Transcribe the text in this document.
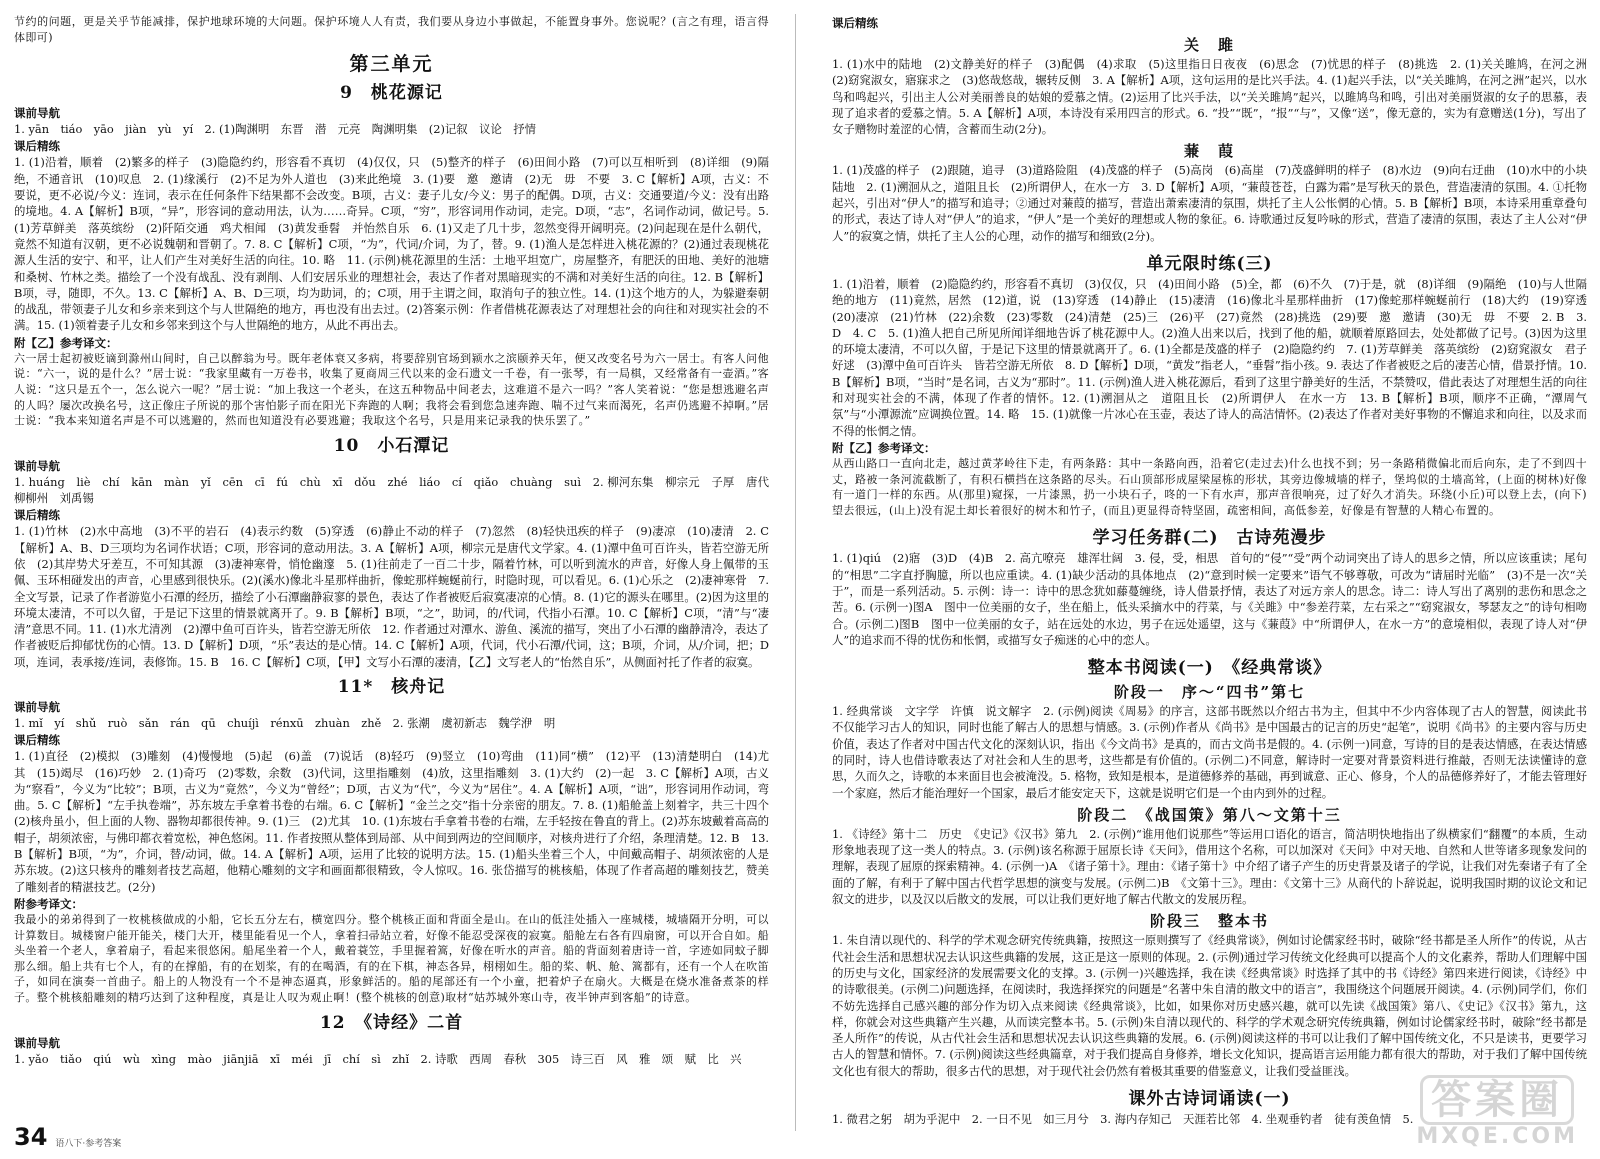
节约的问题，更是关乎节能减排，保护地球环境的大问题。保护环境人人有责，我们要从身边小事做起，不能置身事外。您说呢？(言之有理，语言得体即可)

第三单元
9　桃花源记
课前导航

1. yān　tiáo　yāo　jiàn　yù　yí　2. (1)陶渊明　东晋　潜　元亮　陶渊明集　(2)记叙　议论　抒情

课后精练

1. (1)沿着，顺着　(2)繁多的样子　(3)隐隐约约，形容看不真切　(4)仅仅，只　(5)整齐的样子　(6)田间小路　(7)可以互相听到　(8)详细　(9)隔绝，不通音讯　(10)叹息　2. (1)缘溪行　(2)不足为外人道也　(3)来此绝境　3. (1)要　邀　邀请　(2)无　毋　不要　3. C【解析】A项，古义：不要说，更不必说/今义：连词，表示在任何条件下结果都不会改变。B项，古义：妻子儿女/今义：男子的配偶。D项，古义：交通要道/今义：没有出路的境地。4. A【解析】B项，“异”，形容词的意动用法，认为……奇异。C项，“穷”，形容词用作动词，走完。D项，“志”，名词作动词，做记号。5. (1)芳草鲜美　落英缤纷　(2)阡陌交通　鸡犬相闻　(3)黄发垂髫　并怡然自乐　6. (1)又走了几十步，忽然变得开阔明亮。(2)问起现在是什么朝代，竟然不知道有汉朝，更不必说魏朝和晋朝了。7. 8. C【解析】C项，“为”，代词/介词，为了，替。9. (1)渔人是怎样进入桃花源的？(2)通过表现桃花源人生活的安宁、和平，让人们产生对美好生活的向往。10. 略　11. (示例)桃花源里的生活：土地平坦宽广，房屋整齐，有肥沃的田地、美好的池塘和桑树、竹林之类。描绘了一个没有战乱、没有剥削、人们安居乐业的理想社会，表达了作者对黑暗现实的不满和对美好生活的向往。12. B【解析】B项，寻，随即，不久。13. C【解析】A、B、D三项，均为助词，的；C项，用于主谓之间，取消句子的独立性。14. (1)这个地方的人，为躲避秦朝的战乱，带领妻子儿女和乡亲来到这个与人世隔绝的地方，再也没有出去过。(2)答案示例：作者借桃花源表达了对理想社会的向往和对现实社会的不满。15. (1)领着妻子儿女和乡邻来到这个与人世隔绝的地方，从此不再出去。

附【乙】参考译文：

六一居士起初被贬谪到滁州山间时，自己以醉翁为号。既年老体衰又多病，将要辞别官场到颍水之滨颐养天年，便又改变名号为六一居士。有客人问他说：“六一，说的是什么？”居士说：“我家里藏有一万卷书，收集了夏商周三代以来的金石遗文一千卷，有一张琴，有一局棋，又经常备有一壶酒。”客人说：“这只是五个一，怎么说六一呢？”居士说：“加上我这一个老头，在这五种物品中间老去，这难道不是六一吗？”客人笑着说：“您是想逃避名声的人吗？屡次改换名号，这正像庄子所说的那个害怕影子而在阳光下奔跑的人啊；我将会看到您急速奔跑、喘不过气来而渴死，名声仍逃避不掉啊。”居士说：“我本来知道名声是不可以逃避的，然而也知道没有必要逃避；我取这个名号，只是用来记录我的快乐罢了。”

10　小石潭记
课前导航

1. huáng　liè　chí　kān　màn　yǐ　cēn　cī　fú　chù　xī　dǒu　zhé　liáo　cí　qiǎo　chuàng　suì　2. 柳河东集　柳宗元　子厚　唐代　柳柳州　刘禹锡

课后精练

1. (1)竹林　(2)水中高地　(3)不平的岩石　(4)表示约数　(5)穿透　(6)静止不动的样子　(7)忽然　(8)轻快迅疾的样子　(9)凄凉　(10)凄清　2. C【解析】A、B、D三项均为名词作状语；C项，形容词的意动用法。3. A【解析】A项，柳宗元是唐代文学家。4. (1)潭中鱼可百许头，皆若空游无所依　(2)其岸势犬牙差互，不可知其源　(3)凄神寒骨，悄怆幽邃　5. (1)往前走了一百二十步，隔着竹林，可以听到流水的声音，好像人身上佩带的玉佩、玉环相碰发出的声音，心里感到很快乐。(2)(溪水)像北斗星那样曲折，像蛇那样蜿蜒前行，时隐时现，可以看见。6. (1)心乐之　(2)凄神寒骨　7. 全文写景，记录了作者游览小石潭的经历，描绘了小石潭幽静寂寥的景色，表达了作者被贬后寂寞凄凉的心情。8. (1)它的源头在哪里。(2)因为这里的环境太凄清，不可以久留，于是记下这里的情景就离开了。9. B【解析】B项，“之”，助词，的/代词，代指小石潭。10. C【解析】C项，“清”与“凄清”意思不同。11. (1)水尤清冽　(2)潭中鱼可百许头，皆若空游无所依　12. 作者通过对潭水、游鱼、溪流的描写，突出了小石潭的幽静清冷，表达了作者被贬后抑郁忧伤的心情。13. D【解析】D项，“乐”表达的是心情。14. C【解析】A项，代词，代小石潭/代词，这；B项，介词，从/介词，把；D项，连词，表承接/连词，表修饰。15. B　16. C【解析】C项，【甲】文写小石潭的凄清，【乙】文写老人的“怡然自乐”，从侧面衬托了作者的寂寞。

11*　核舟记
课前导航

1. mǐ　yí　shǔ　ruò　sǎn　rán　qū　chuíjì　rénxū　zhuàn　zhě　2. 张潮　虞初新志　魏学洢　明

课后精练

1. (1)直径　(2)模拟　(3)雕刻　(4)慢慢地　(5)起　(6)盖　(7)说话　(8)轻巧　(9)竖立　(10)弯曲　(11)同“横”　(12)平　(13)清楚明白　(14)尤其　(15)竭尽　(16)巧妙　2. (1)奇巧　(2)零数，余数　(3)代词，这里指雕刻　(4)放，这里指雕刻　3. (1)大约　(2)一起　3. C【解析】A项，古义为“察看”，今义为“比较”；B项，古义为“竟然”，今义为“曾经”；D项，古义为“代”，今义为“居住”。4. A【解析】A项，“诎”，形容词用作动词，弯曲。5. C【解析】“左手执卷端”，苏东坡左手拿着书卷的右端。6. C【解析】“金兰之交”指十分亲密的朋友。7. 8. (1)船舱盖上刻着字，共三十四个　(2)核舟虽小，但上面的人物、器物却都很传神。9. (1)三　(2)尤其　10. (1)东坡右手拿着书卷的右端，左手轻按在鲁直的背上。(2)苏东坡戴着高高的帽子，胡须浓密，与佛印都衣着宽松，神色悠闲。11. 作者按照从整体到局部、从中间到两边的空间顺序，对核舟进行了介绍，条理清楚。12. B　13. B【解析】B项，“为”，介词，替/动词，做。14. A【解析】A项，运用了比较的说明方法。15. (1)船头坐着三个人，中间戴高帽子、胡须浓密的人是苏东坡。(2)这只核舟的雕刻者技艺高超，他精心雕刻的文字和画面都很精致，令人惊叹。16. 张岱描写的桃核船，体现了作者高超的雕刻技艺，赞美了雕刻者的精湛技艺。(2分)

附参考译文：

我最小的弟弟得到了一枚桃核做成的小船，它长五分左右，横宽四分。整个桃核正面和背面全是山。在山的低洼处插入一座城楼，城墙隔开分明，可以计算数目。城楼窗户能开能关，楼门大开，楼里能看见一个人，拿着扫帚站立着，好像不能忍受深夜的寂寞。船舱左右各有四扇窗，可以开合自如。船头坐着一个老人，拿着扇子，看起来很悠闲。船尾坐着一个人，戴着蓑笠，手里握着篙，好像在听水的声音。船的背面刻着唐诗一首，字迹如同蚊子脚那么细。船上共有七个人，有的在撑船，有的在划桨，有的在喝酒，有的在下棋，神态各异，栩栩如生。船的桨、帆、舱、篙都有，还有一个人在吹笛子，如同在演奏一首曲子。船上的人物没有一个不是神态逼真，形象鲜活的。船的尾部还有一个小童，把着炉子在扇火。大概是在烧水准备煮茶的样子。整个桃核船雕刻的精巧达到了这种程度，真是让人叹为观止啊！(整个桃核的创意)取材“姑苏城外寒山寺，夜半钟声到客船”的诗意。

12　《诗经》二首
课前导航

1. yǎo　tiǎo　qiú　wù　xìng　mào　jiānjiā　xī　méi　jī　chí　sì　zhǐ　2. 诗歌　西周　春秋　305　诗三百　风　雅　颂　赋　比　兴

课后精练
关　雎

1. (1)水中的陆地　(2)文静美好的样子　(3)配偶　(4)求取　(5)这里指日日夜夜　(6)思念　(7)忧思的样子　(8)挑选　2. (1)关关雎鸠，在河之洲　(2)窈窕淑女，寤寐求之　(3)悠哉悠哉，辗转反侧　3. A【解析】A项，这句运用的是比兴手法。4. (1)起兴手法，以“关关雎鸠，在河之洲”起兴，以水鸟和鸣起兴，引出主人公对美丽善良的姑娘的爱慕之情。(2)运用了比兴手法，以“关关雎鸠”起兴，以雎鸠鸟和鸣，引出对美丽贤淑的女子的思慕，表现了追求者的爱慕之情。5. A【解析】A项，本诗没有采用四言的形式。6. “投”“既”，“报”“与”，又像“送”，像无意的，实为有意赠送(1分)，写出了女子赠物时羞涩的心情，含蓄而生动(2分)。

蒹　葭

1. (1)茂盛的样子　(2)跟随，追寻　(3)道路险阻　(4)茂盛的样子　(5)高岗　(6)高崖　(7)茂盛鲜明的样子　(8)水边　(9)向右迂曲　(10)水中的小块陆地　2. (1)溯洄从之，道阻且长　(2)所谓伊人，在水一方　3. D【解析】A项，“蒹葭苍苍，白露为霜”是写秋天的景色，营造凄清的氛围。4. ①托物起兴，引出对“伊人”的描写和追寻；②通过对蒹葭的描写，营造出萧索凄清的氛围，烘托了主人公怅惘的心情。5. B【解析】B项，本诗采用重章叠句的形式，表达了诗人对“伊人”的追求，“伊人”是一个美好的理想或人物的象征。6. 诗歌通过反复吟咏的形式，营造了凄清的氛围，表达了主人公对“伊人”的寂寞之情，烘托了主人公的心理，动作的描写和细致(2分)。

单元限时练(三)

1. (1)沿着，顺着　(2)隐隐约约，形容看不真切　(3)仅仅，只　(4)田间小路　(5)全，都　(6)不久　(7)于是，就　(8)详细　(9)隔绝　(10)与人世隔绝的地方　(11)竟然，居然　(12)道，说　(13)穿透　(14)静止　(15)凄清　(16)像北斗星那样曲折　(17)像蛇那样蜿蜒前行　(18)大约　(19)穿透　(20)凄凉　(21)竹林　(22)余数　(23)零数　(24)清楚　(25)三　(26)平　(27)竟然　(28)挑选　(29)要　邀　邀请　(30)无　毋　不要　2. B　3. D　4. C　5. (1)渔人把自己所见所闻详细地告诉了桃花源中人。(2)渔人出来以后，找到了他的船，就顺着原路回去，处处都做了记号。(3)因为这里的环境太凄清，不可以久留，于是记下这里的情景就离开了。6. (1)全都是茂盛的样子　(2)隐隐约约　7. (1)芳草鲜美　落英缤纷　(2)窈窕淑女　君子好逑　(3)潭中鱼可百许头　皆若空游无所依　8. D【解析】D项，“黄发”指老人，“垂髫”指小孩。9. 表达了作者被贬之后的凄苦心情，借景抒情。10. B【解析】B项，“当时”是名词，古义为“那时”。11. (示例)渔人进入桃花源后，看到了这里宁静美好的生活，不禁赞叹，借此表达了对理想生活的向往和对现实社会的不满，体现了作者的情怀。12. (1)溯洄从之　道阻且长　(2)所谓伊人　在水一方　13. B【解析】B项，顺序不正确，“潭周气氛”与“小潭源流”应调换位置。14. 略　15. (1)就像一片冰心在玉壶，表达了诗人的高洁情怀。(2)表达了作者对美好事物的不懈追求和向往，以及求而不得的怅惘之情。

附【乙】参考译文：

从西山路口一直向北走，越过黄茅岭往下走，有两条路：其中一条路向西，沿着它(走过去)什么也找不到；另一条路稍微偏北而后向东，走了不到四十丈，路被一条河流截断了，有积石横挡在这条路的尽头。石山顶部形成屋梁屋栋的形状，其旁边像城墙的样子，堡坞似的土墙高耸，(上面的树林)好像有一道门一样的东西。从(那里)窥探，一片漆黑，扔一小块石子，咚的一下有水声，那声音很响亮，过了好久才消失。环绕(小丘)可以登上去，(向下)望去很远，(山上)没有泥土却长着很好的树木和竹子，(而且)更显得奇特坚固，疏密相间，高低参差，好像是有智慧的人精心布置的。

学习任务群(二)　古诗苑漫步

1. (1)qiú　(2)寤　(3)D　(4)B　2. 高亢嘹亮　雄浑壮阔　3. 侵，受，相思　首句的“侵”“受”两个动词突出了诗人的思乡之情，所以应该重读；尾句的“相思”二字直抒胸臆，所以也应重读。4. (1)缺少活动的具体地点　(2)“意到时候一定要来”语气不够尊敬，可改为“请届时光临”　(3)不是一次“关于”，而是一系列活动。5. 示例：诗一：诗中的思念犹如藤蔓缠绕，诗人借景抒情，表达了对远方亲人的思念。诗二：诗人写出了离别的悲伤和思念之苦。6. (示例一)图A　图中一位美丽的女子，坐在船上，低头采摘水中的荇菜，与《关雎》中“参差荇菜，左右采之”“窈窕淑女，琴瑟友之”的诗句相吻合。(示例二)图B　图中一位美丽的女子，站在远处的水边，男子在远处遥望，这与《蒹葭》中“所谓伊人，在水一方”的意境相似，表现了诗人对“伊人”的追求而不得的忧伤和怅惘，或描写女子痴迷的心中的恋人。

整本书阅读(一)　《经典常谈》
阶段一　序～“四书”第七

1. 经典常谈　文字学　许慎　说文解字　2. (示例)阅读《周易》的序言，这部书既然以介绍古书为主，但其中不少内容体现了古人的智慧，阅读此书不仅能学习古人的知识，同时也能了解古人的思想与情感。3. (示例)作者从《尚书》是中国最古的记言的历史“起笔”，说明《尚书》的主要内容与历史价值，表达了作者对中国古代文化的深刻认识，指出《今文尚书》是真的，而古文尚书是假的。4. (示例一)同意，写诗的目的是表达情感，在表达情感的同时，诗人也借诗歌表达了对社会和人生的思考，这些都是有价值的。(示例二)不同意，解诗时一定要对背景资料进行推敲，否则无法读懂诗的意思，久而久之，诗歌的本来面目也会被淹没。5. 格物，致知是根本，是道德修养的基础，再到诚意、正心、修身，个人的品德修养好了，才能去管理好一个家庭，然后才能治理好一个国家，最后才能安定天下，这就是说明它们是一个由内到外的过程。

阶段二　《战国策》第八～文第十三

1. 《诗经》第十二　历史　《史记》《汉书》第九　2. (示例)“谁用他们说那些”等运用口语化的语言，简洁明快地指出了纵横家们“翻覆”的本质，生动形象地表现了这一类人的特点。3. (示例)该名称源于屈原长诗《天问》，借用这个名称，可以加深对《天问》中对天地、自然和人世等诸多现象发问的理解，表现了屈原的探索精神。4. (示例一)A　《诸子第十》。理由：《诸子第十》中介绍了诸子产生的历史背景及诸子的学说，让我们对先秦诸子有了全面的了解，有利于了解中国古代哲学思想的演变与发展。(示例二)B　《文第十三》。理由：《文第十三》从商代的卜辞说起，说明我国时期的议论文和记叙文的进步，以及汉以后散文的发展，可以让我们更好地了解古代散文的发展历程。

阶段三　整本书

1. 朱自清以现代的、科学的学术观念研究传统典籍，按照这一原则撰写了《经典常谈》，例如讨论儒家经书时，破除“经书都是圣人所作”的传说，从古代社会生活和思想状况去认识这些典籍的发展，这正是这一原则的体现。2. (示例)通过学习传统文化经典可以提高个人的文化素养，帮助人们理解中国的历史与文化，国家经济的发展需要文化的支撑。3. (示例一)兴趣选择，我在读《经典常谈》时选择了其中的书《诗经》第四来进行阅读，《诗经》中的诗歌很美。(示例二)问题选择，在阅读时，我选择探究的问题是“名著中朱自清的散文中的语言”，我围绕这个问题展开阅读。4. (示例)同学们，你们不妨先选择自己感兴趣的部分作为切入点来阅读《经典常谈》，比如，如果你对历史感兴趣，就可以先读《战国策》第八、《史记》《汉书》第九，这样，你就会对这些典籍产生兴趣，从而读完整本书。5. (示例)朱自清以现代的、科学的学术观念研究传统典籍，例如讨论儒家经书时，破除“经书都是圣人所作”的传说，从古代社会生活和思想状况去认识这些典籍的发展。6. (示例)阅读这样的书可以让我们了解中国传统文化，不只是读书，更要学习古人的智慧和情怀。7. (示例)阅读这些经典篇章，对于我们提高自身修养，增长文化知识，提高语言运用能力都有很大的帮助，对于我们了解中国传统文化也有很大的帮助，很多古代的思想，对于现代社会仍然有着极其重要的借鉴意义，让我们受益匪浅。

课外古诗词诵读(一)

1. 微君之躬　胡为乎泥中　2. 一日不见　如三月兮　3. 海内存知己　天涯若比邻　4. 坐观垂钓者　徒有羡鱼情　5.

34 语八下·参考答案
答案圈
MXQE.COM
